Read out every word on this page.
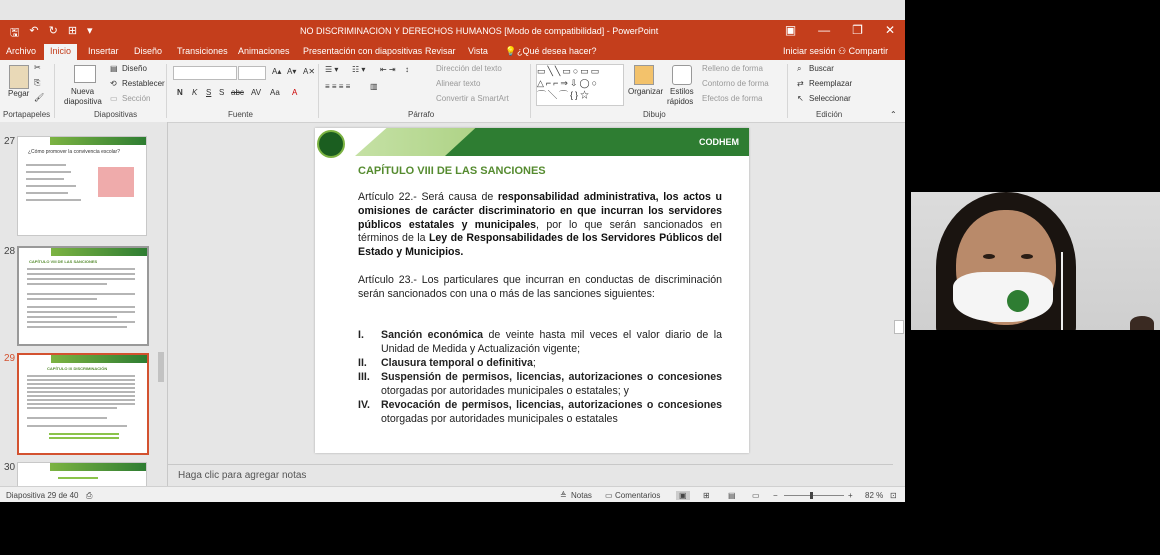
🖫 ↶ ↻ ⊞ ▾	NO DISCRIMINACION Y DERECHOS HUMANOS [Modo de compatibilidad] - PowerPoint	▣ — ❐ ✕
Archivo	Inicio	Insertar Diseño Transiciones Animaciones Presentación con diapositivas Revisar Vista 💡 ¿Qué desea hacer?	Iniciar sesión ⚇ Compartir
Pegar
✂
⎘
🖌
Portapapeles
Nueva
diapositiva
▤ Diseño
⟲ Restablecer
▭ Sección
Diapositivas
A▴ A▾ A✕
N K S S abc AV Aa A
Fuente
☰ ▾ ☷ ▾ ⇤ ⇥ ↕
≡ ≡ ≡ ≡ ▥
Dirección del texto
Alinear texto
Convertir a SmartArt
Párrafo
▭╲╲▭○▭▭
△⌐⌐⇒⇩◯○
⌒╲⌒{}☆	Organizar Estilos
rápidos
Relleno de forma
Contorno de forma
Efectos de forma
Dibujo
⌕ Buscar
⇄ Reemplazar
↖ Seleccionar
Edición	⌃
27
¿Cómo promover la convivencia escolar?
28
CAPÍTULO VIII DE LAS SANCIONES
29
CAPÍTULO IX DISCRIMINACIÓN
30
CODHEM
CAPÍTULO VIII DE LAS SANCIONES
Artículo 22.- Será causa de responsabilidad administrativa, los actos u omisiones de carácter discriminatorio en que incurran los servidores públicos estatales y municipales, por lo que serán sancionados en términos de la Ley de Responsabilidades de los Servidores Públicos del Estado y Municipios.
Artículo 23.- Los particulares que incurran en conductas de discriminación serán sancionados con una o más de las sanciones siguientes:
I. Sanción económica de veinte hasta mil veces el valor diario de la Unidad de Medida y Actualización vigente;
II. Clausura temporal o definitiva;
III. Suspensión de permisos, licencias, autorizaciones o concesiones otorgadas por autoridades municipales o estatales; y
IV. Revocación de permisos, licencias, autorizaciones o concesiones otorgadas por autoridades municipales o estatales
Haga clic para agregar notas
Diapositiva 29 de 40 ⎙	≜ Notas ▭ Comentarios	▣	⊞ ▤ ▭ −	+ 82 % ⊡
